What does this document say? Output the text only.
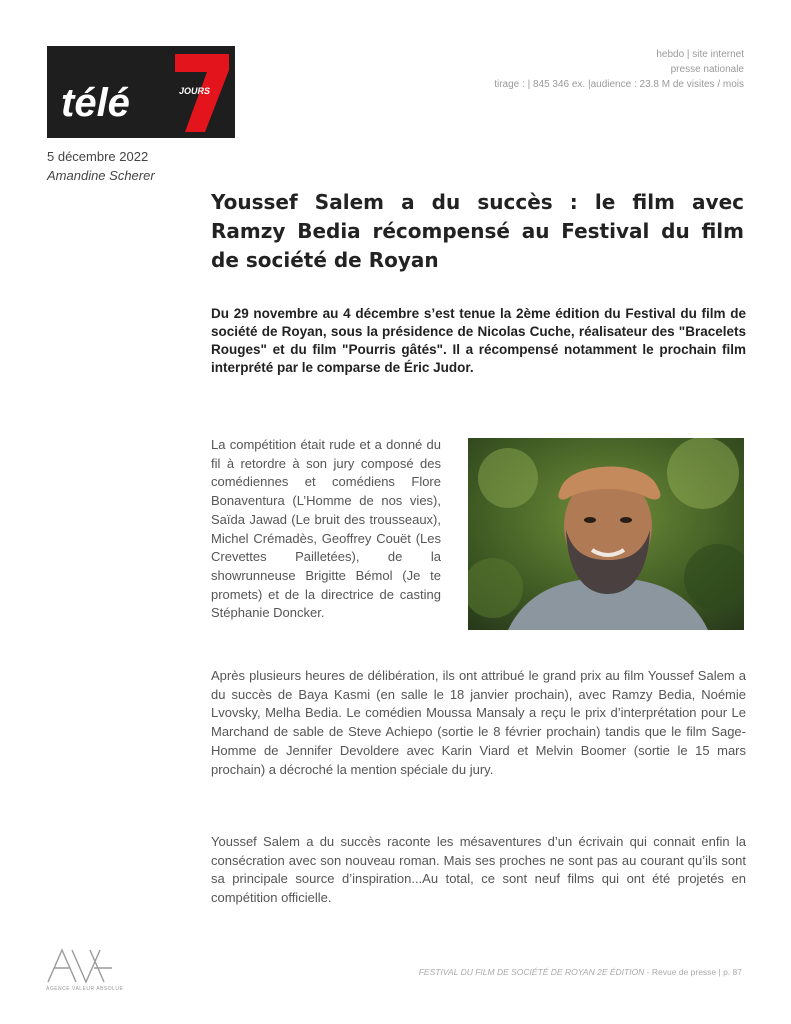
télé	JOURS
hebdo | site internet
presse nationale
tirage : | 845 346 ex. |audience : 23.8 M de visites / mois
5 décembre 2022
Amandine Scherer
Youssef Salem a du succès : le film avec Ramzy Bedia récompensé au Festival du film de société de Royan

Du 29 novembre au 4 décembre s’est tenue la 2ème édition du Festival du film de société de Royan, sous la présidence de Nicolas Cuche, réalisateur des "Bracelets Rouges" et du film "Pourris gâtés". Il a récompensé notamment le prochain film interprété par le comparse de Éric Judor.

La compétition était rude et a donné du fil à retordre à son jury composé des comédiennes et comédiens Flore Bonaventura (L’Homme de nos vies), Saïda Jawad (Le bruit des trousseaux), Michel Crémadès, Geoffrey Couët (Les Crevettes Pailletées), de la showrunneuse Brigitte Bémol (Je te promets) et de la directrice de casting Stéphanie Doncker.

Après plusieurs heures de délibération, ils ont attribué le grand prix au film Youssef Salem a du succès de Baya Kasmi (en salle le 18 janvier prochain), avec Ramzy Bedia, Noémie Lvovsky, Melha Bedia. Le comédien Moussa Mansaly a reçu le prix d’interprétation pour Le Marchand de sable de Steve Achiepo (sortie le 8 février prochain) tandis que le film Sage-Homme de Jennifer Devoldere avec Karin Viard et Melvin Boomer (sortie le 15 mars prochain) a décroché la mention spéciale du jury.

Youssef Salem a du succès raconte les mésaventures d’un écrivain qui connait enfin la consécration avec son nouveau roman. Mais ses proches ne sont pas au courant qu’ils sont sa principale source d’inspiration...Au total, ce sont neuf films qui ont été projetés en compétition officielle.

AGENCE VALEUR ABSOLUE
FESTIVAL DU FILM DE SOCIÉTÉ DE ROYAN 2E ÉDITION - Revue de presse | p. 87
